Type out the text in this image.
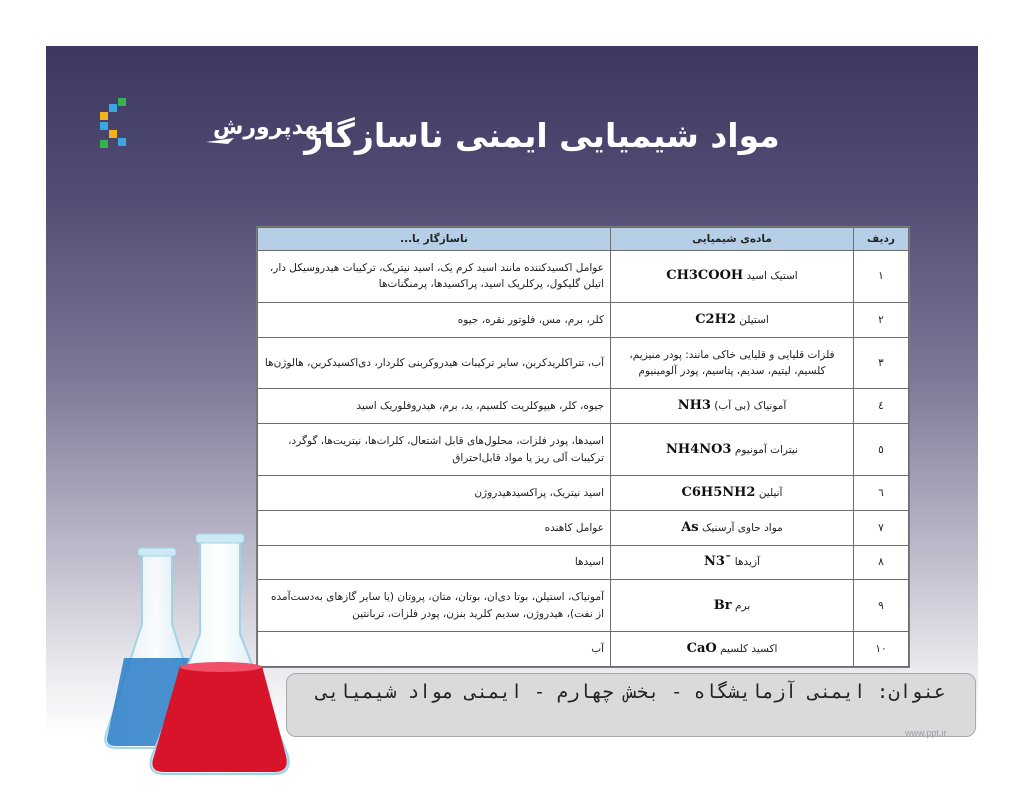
مهدپرورش
مواد شیمیایی ایمنی ناسازگار
ردیف	ماده‌ی شیمیایی	ناسازگار با...
۱	استیک اسید CH3COOH	عوامل اکسیدکننده مانند اسید کرم یک، اسید نیتریک، ترکیبات هیدروسیکل دار، اتیلن گلیکول، پرکلریک اسید، پراکسیدها، پرمنگنات‌ها
۲	استیلن C2H2	کلر، برم، مس، فلوتور نقره، جیوه
۳	فلزات قلیایی و قلیایی خاکی مانند: پودر منیزیم، کلسیم، لیتیم، سدیم، پتاسیم، پودر آلومینیوم	آب، تتراکلریدکربن، سایر ترکیبات هیدروکربنی کلردار، دی‌اکسیدکربن، هالوژن‌ها
٤	آمونیاک (بی آب) NH3	جیوه، کلر، هیپوکلریت کلسیم، ید، برم، هیدروفلوریک اسید
٥	نیترات آمونیوم NH4NO3	اسیدها، پودر فلزات، محلول‌های قابل اشتعال، کلرات‌ها، نیتریت‌ها، گوگرد، ترکیبات آلی ریز یا مواد قابل‌احتراق
٦	آنیلین C6H5NH2	اسید نیتریک، پراکسیدهیدروژن
۷	مواد حاوی آرسنیک As	عوامل کاهنده
۸	آزیدها N3ˉ	اسیدها
۹	برم Br	آمونیاک، استیلن، بوتا دی‌ان، بوتان، متان، پروتان (یا سایر گازهای به‌دست‌آمده از نفت)، هیدروژن، سدیم کلرید بنزن، پودر فلزات، تربانتین
۱۰	اکسید کلسیم CaO	آب
عنوان: ایمنی آزمایشگاه - بخش چهارم - ایمنی مواد شیمیایی
www.ppt.ir
